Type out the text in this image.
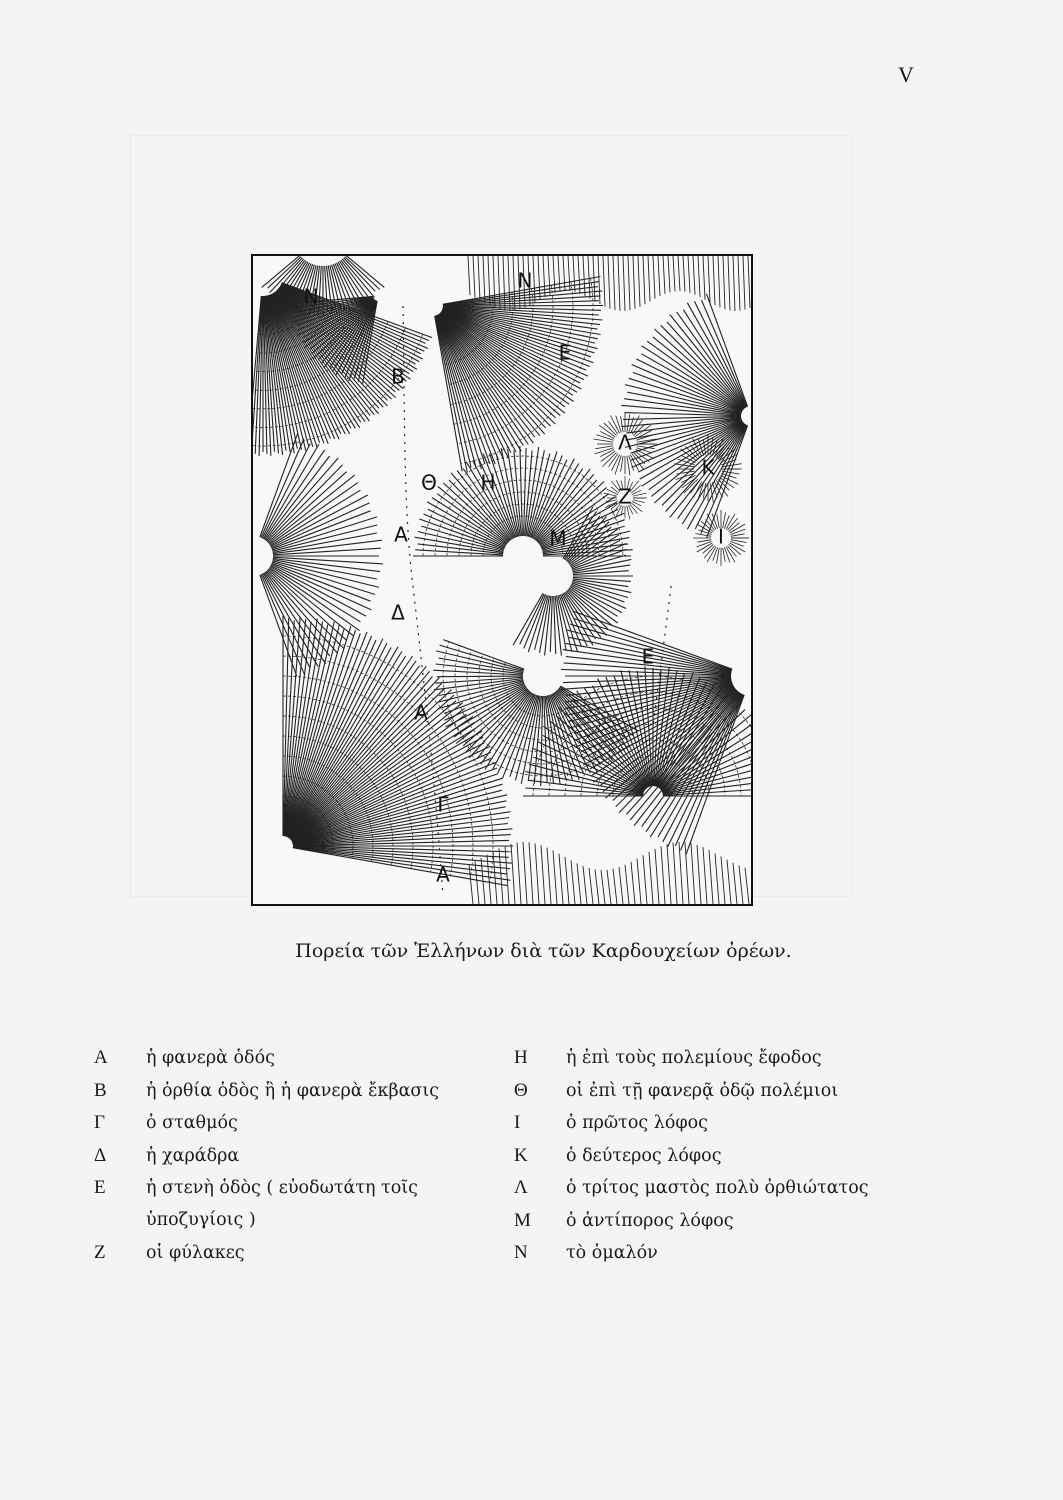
V
N
N
E
B
Λ
K
Θ Η
Z
A	M	I
Δ
E
A
Γ
A
Πορεία τῶν Ἑλλήνων διὰ τῶν Καρδουχείων ὀρέων.
A ἡ φανερὰ ὁδός
B ἡ ὀρθία ὁδὸς ἢ ἡ φανερὰ ἔκβασις
Γ ὁ σταθμός
Δ ἡ χαράδρα
E ἡ στενὴ ὁδὸς ( εὐοδωτάτη τοῖς ὑποζυγίοις )
Z οἱ φύλακες
H ἡ ἐπὶ τοὺς πολεμίους ἔφοδος
Θ οἱ ἐπὶ τῇ φανερᾷ ὁδῷ πολέμιοι
I	ὁ πρῶτος λόφος
K ὁ δεύτερος λόφος
Λ ὁ τρίτος μαστὸς πολὺ ὀρθιώτατος
M ὁ ἀντίπορος λόφος
N τὸ ὁμαλόν
